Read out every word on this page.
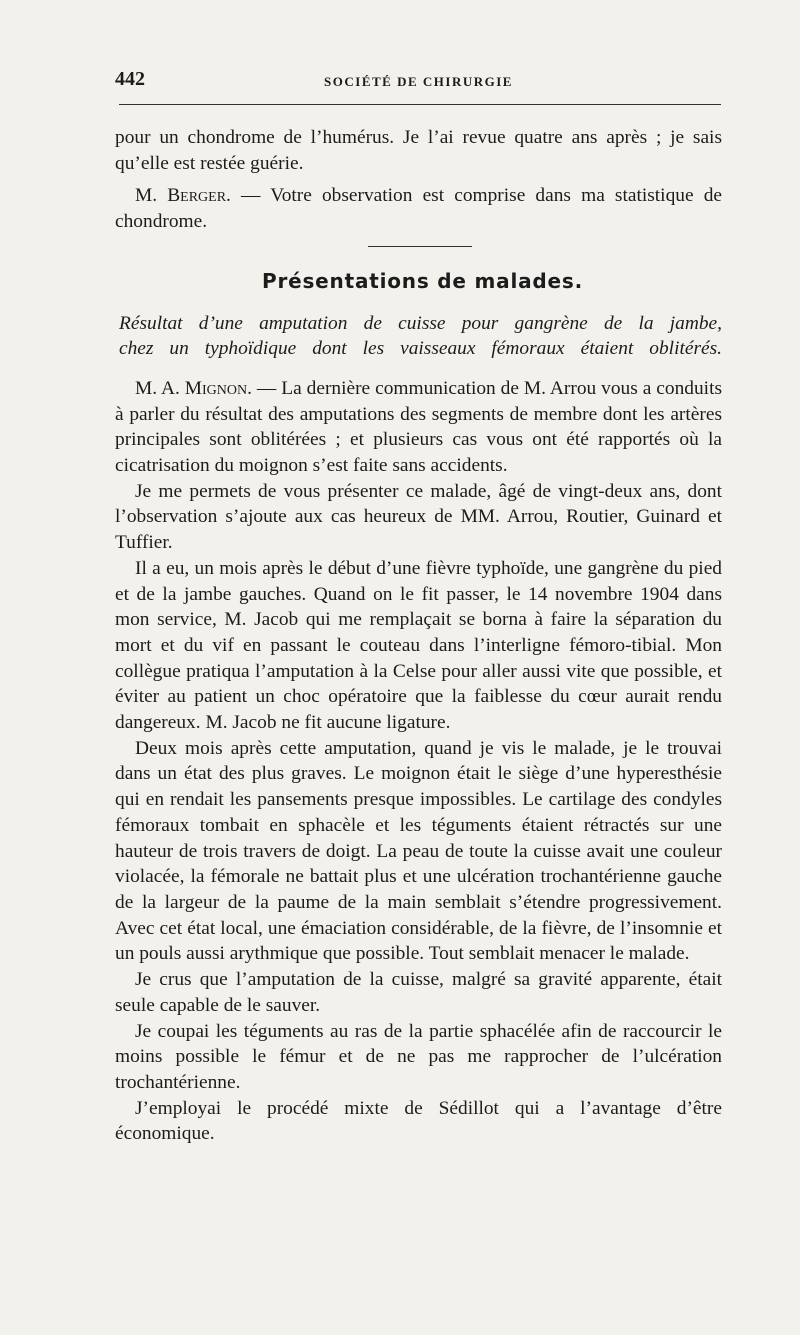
442	SOCIÉTÉ DE CHIRURGIE

pour un chondrome de l’humérus. Je l’ai revue quatre ans après ; je sais qu’elle est restée guérie.

M. Berger. — Votre observation est comprise dans ma statistique de chondrome.

Présentations de malades.
Résultat d’une amputation de cuisse pour gangrène de la jambe,
chez un typhoïdique dont les vaisseaux fémoraux étaient oblitérés.

M. A. Mignon. — La dernière communication de M. Arrou vous a conduits à parler du résultat des amputations des segments de membre dont les artères principales sont oblitérées ; et plusieurs cas vous ont été rapportés où la cicatrisation du moignon s’est faite sans accidents.

Je me permets de vous présenter ce malade, âgé de vingt-deux ans, dont l’observation s’ajoute aux cas heureux de MM. Arrou, Routier, Guinard et Tuffier.

Il a eu, un mois après le début d’une fièvre typhoïde, une gangrène du pied et de la jambe gauches. Quand on le fit passer, le 14 novembre 1904 dans mon service, M. Jacob qui me remplaçait se borna à faire la séparation du mort et du vif en passant le couteau dans l’interligne fémoro-tibial. Mon collègue pratiqua l’amputation à la Celse pour aller aussi vite que possible, et éviter au patient un choc opératoire que la faiblesse du cœur aurait rendu dangereux. M. Jacob ne fit aucune ligature.

Deux mois après cette amputation, quand je vis le malade, je le trouvai dans un état des plus graves. Le moignon était le siège d’une hyperesthésie qui en rendait les pansements presque impossibles. Le cartilage des condyles fémoraux tombait en sphacèle et les téguments étaient rétractés sur une hauteur de trois travers de doigt. La peau de toute la cuisse avait une couleur violacée, la fémorale ne battait plus et une ulcération trochantérienne gauche de la largeur de la paume de la main semblait s’étendre progressivement. Avec cet état local, une émaciation considérable, de la fièvre, de l’insomnie et un pouls aussi arythmique que possible. Tout semblait menacer le malade.

Je crus que l’amputation de la cuisse, malgré sa gravité apparente, était seule capable de le sauver.

Je coupai les téguments au ras de la partie sphacélée afin de raccourcir le moins possible le fémur et de ne pas me rapprocher de l’ulcération trochantérienne.

J’employai le procédé mixte de Sédillot qui a l’avantage d’être économique.
